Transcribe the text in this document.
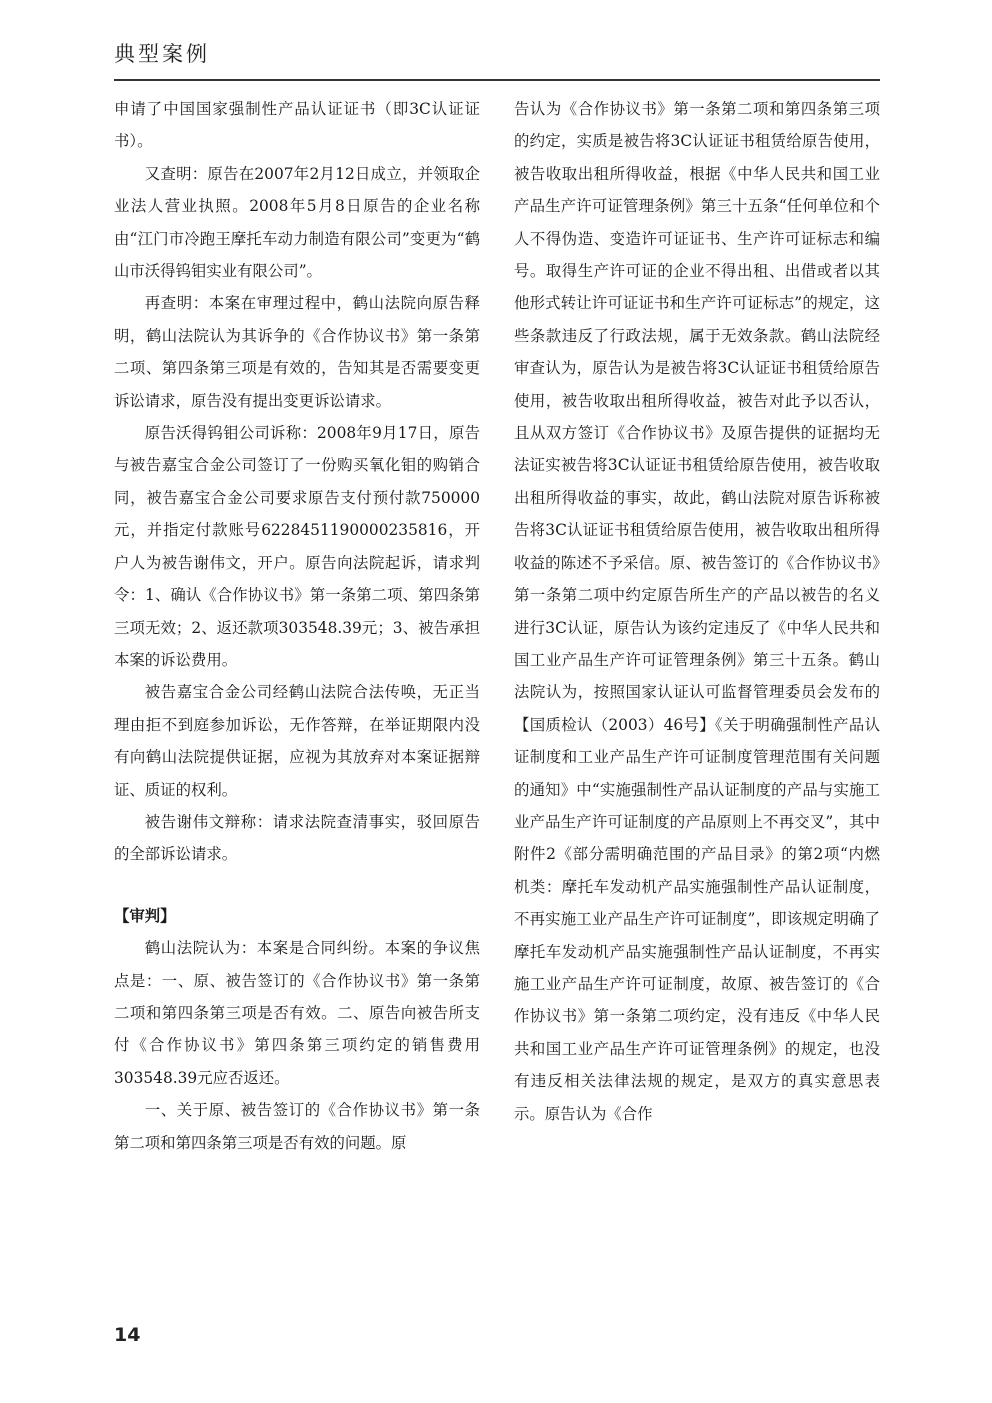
典型案例

申请了中国国家强制性产品认证证书（即3C认证证书）。

又查明：原告在2007年2月12日成立，并领取企业法人营业执照。2008年5月8日原告的企业名称由“江门市冷跑王摩托车动力制造有限公司”变更为“鹤山市沃得钨钼实业有限公司”。

再查明：本案在审理过程中，鹤山法院向原告释明，鹤山法院认为其诉争的《合作协议书》第一条第二项、第四条第三项是有效的，告知其是否需要变更诉讼请求，原告没有提出变更诉讼请求。

原告沃得钨钼公司诉称：2008年9月17日，原告与被告嘉宝合金公司签订了一份购买氧化钼的购销合同，被告嘉宝合金公司要求原告支付预付款750000元，并指定付款账号6228451190000235816，开户人为被告谢伟文，开户。原告向法院起诉，请求判令：1、确认《合作协议书》第一条第二项、第四条第三项无效；2、返还款项303548.39元；3、被告承担本案的诉讼费用。

被告嘉宝合金公司经鹤山法院合法传唤，无正当理由拒不到庭参加诉讼，无作答辩，在举证期限内没有向鹤山法院提供证据，应视为其放弃对本案证据辩证、质证的权利。

被告谢伟文辩称：请求法院查清事实，驳回原告的全部诉讼请求。

【审判】

鹤山法院认为：本案是合同纠纷。本案的争议焦点是：一、原、被告签订的《合作协议书》第一条第二项和第四条第三项是否有效。二、原告向被告所支付《合作协议书》第四条第三项约定的销售费用303548.39元应否返还。

一、关于原、被告签订的《合作协议书》第一条第二项和第四条第三项是否有效的问题。原

告认为《合作协议书》第一条第二项和第四条第三项的约定，实质是被告将3C认证证书租赁给原告使用，被告收取出租所得收益，根据《中华人民共和国工业产品生产许可证管理条例》第三十五条“任何单位和个人不得伪造、变造许可证证书、生产许可证标志和编号。取得生产许可证的企业不得出租、出借或者以其他形式转让许可证证书和生产许可证标志”的规定，这些条款违反了行政法规，属于无效条款。鹤山法院经审查认为，原告认为是被告将3C认证证书租赁给原告使用，被告收取出租所得收益，被告对此予以否认，且从双方签订《合作协议书》及原告提供的证据均无法证实被告将3C认证证书租赁给原告使用，被告收取出租所得收益的事实，故此，鹤山法院对原告诉称被告将3C认证证书租赁给原告使用，被告收取出租所得收益的陈述不予采信。原、被告签订的《合作协议书》第一条第二项中约定原告所生产的产品以被告的名义进行3C认证，原告认为该约定违反了《中华人民共和国工业产品生产许可证管理条例》第三十五条。鹤山法院认为，按照国家认证认可监督管理委员会发布的【国质检认（2003）46号】《关于明确强制性产品认证制度和工业产品生产许可证制度管理范围有关问题的通知》中“实施强制性产品认证制度的产品与实施工业产品生产许可证制度的产品原则上不再交叉”，其中附件2《部分需明确范围的产品目录》的第2项“内燃机类：摩托车发动机产品实施强制性产品认证制度，不再实施工业产品生产许可证制度”，即该规定明确了摩托车发动机产品实施强制性产品认证制度，不再实施工业产品生产许可证制度，故原、被告签订的《合作协议书》第一条第二项约定，没有违反《中华人民共和国工业产品生产许可证管理条例》的规定，也没有违反相关法律法规的规定，是双方的真实意思表示。原告认为《合作

14
